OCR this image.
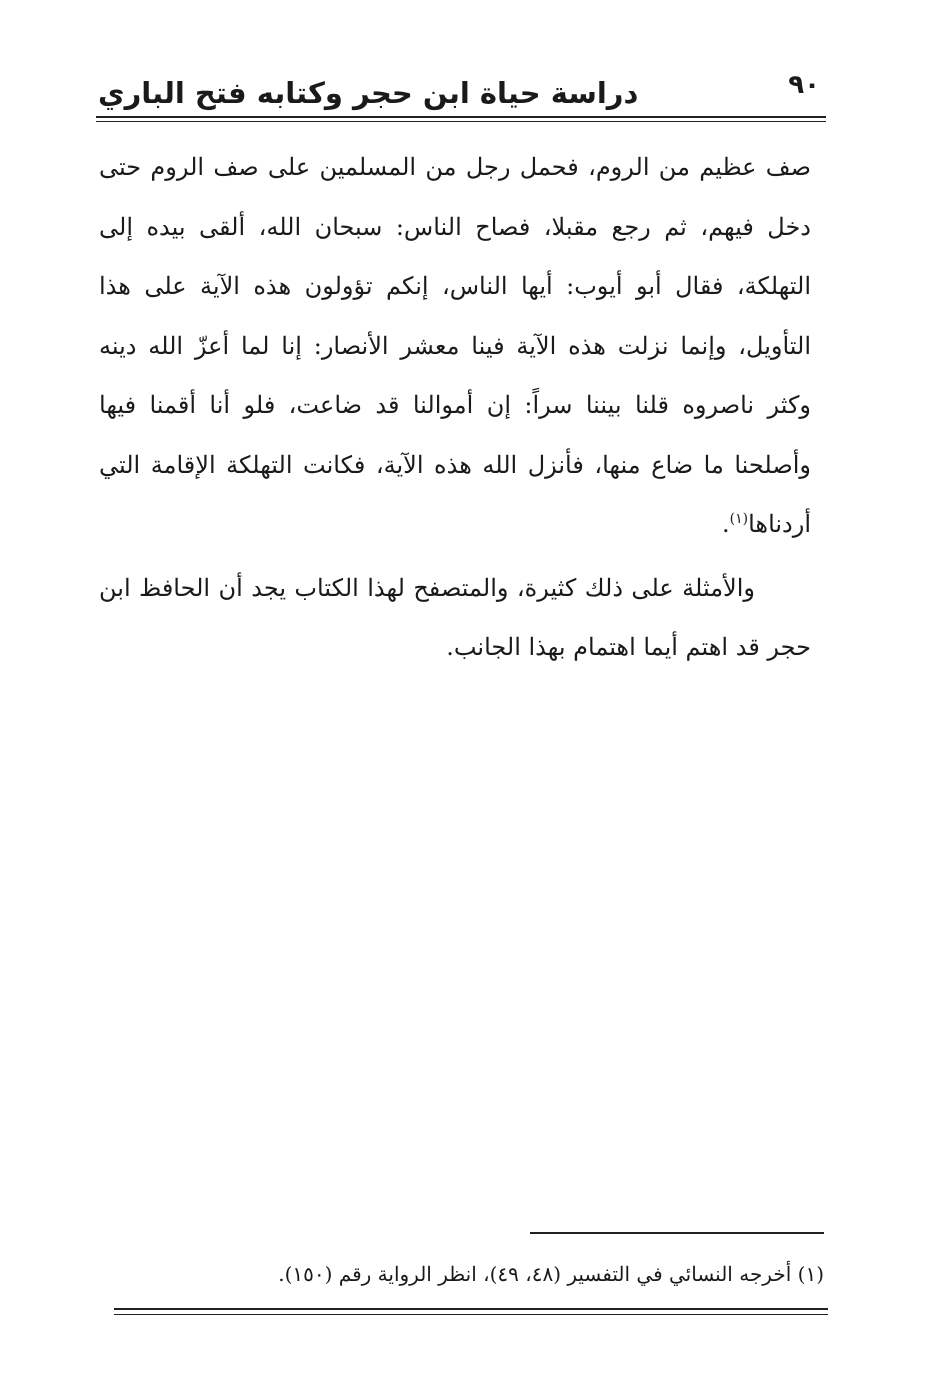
٩٠
دراسة حياة ابن حجر وكتابه فتح الباري

صف عظيم من الروم، فحمل رجل من المسلمين على صف الروم حتى دخل فيهم، ثم رجع مقبلا، فصاح الناس: سبحان الله، ألقى بيده إلى التهلكة، فقال أبو أيوب: أيها الناس، إنكم تؤولون هذه الآية على هذا التأويل، وإنما نزلت هذه الآية فينا معشر الأنصار: إنا لما أعزّ الله دينه وكثر ناصروه قلنا بيننا سراً: إن أموالنا قد ضاعت، فلو أنا أقمنا فيها وأصلحنا ما ضاع منها، فأنزل الله هذه الآية، فكانت التهلكة الإقامة التي أردناها$^{(١)}$.

والأمثلة على ذلك كثيرة، والمتصفح لهذا الكتاب يجد أن الحافظ ابن حجر قد اهتم أيما اهتمام بهذا الجانب.

(١) أخرجه النسائي في التفسير (٤٨، ٤٩)، انظر الرواية رقم (١٥٠).
